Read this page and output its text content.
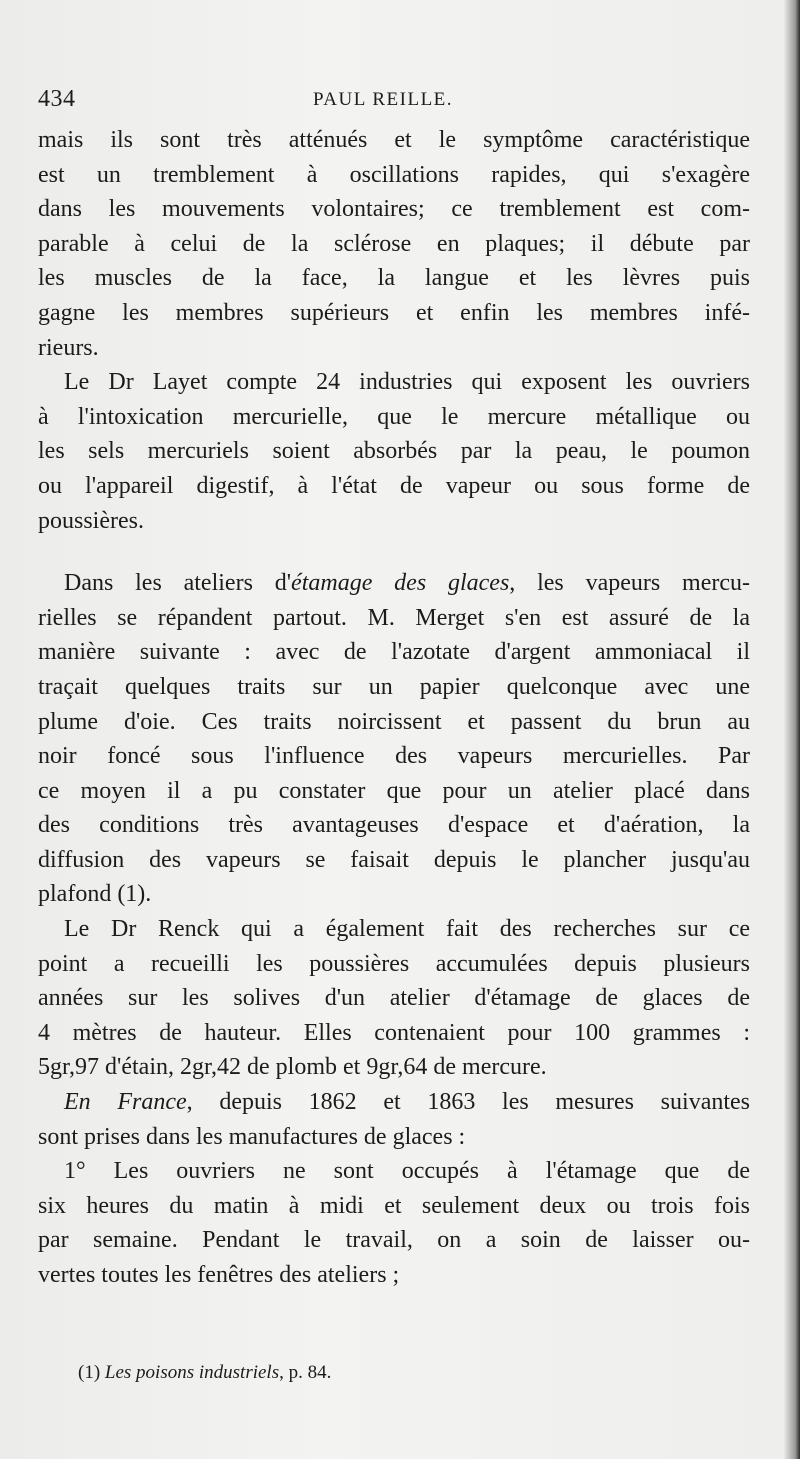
434	PAUL REILLE.
mais ils sont très atténués et le symptôme caractéristique
est un tremblement à oscillations rapides, qui s'exagère
dans les mouvements volontaires; ce tremblement est com-
parable à celui de la sclérose en plaques; il débute par
les muscles de la face, la langue et les lèvres puis
gagne les membres supérieurs et enfin les membres infé-
rieurs.
Le Dr Layet compte 24 industries qui exposent les ouvriers
à l'intoxication mercurielle, que le mercure métallique ou
les sels mercuriels soient absorbés par la peau, le poumon
ou l'appareil digestif, à l'état de vapeur ou sous forme de
poussières.
Dans les ateliers d'étamage des glaces, les vapeurs mercu-
rielles se répandent partout. M. Merget s'en est assuré de la
manière suivante : avec de l'azotate d'argent ammoniacal il
traçait quelques traits sur un papier quelconque avec une
plume d'oie. Ces traits noircissent et passent du brun au
noir foncé sous l'influence des vapeurs mercurielles. Par
ce moyen il a pu constater que pour un atelier placé dans
des conditions très avantageuses d'espace et d'aération, la
diffusion des vapeurs se faisait depuis le plancher jusqu'au
plafond (1).
Le Dr Renck qui a également fait des recherches sur ce
point a recueilli les poussières accumulées depuis plusieurs
années sur les solives d'un atelier d'étamage de glaces de
4 mètres de hauteur. Elles contenaient pour 100 grammes :
5gr,97 d'étain, 2gr,42 de plomb et 9gr,64 de mercure.
En France, depuis 1862 et 1863 les mesures suivantes
sont prises dans les manufactures de glaces :
1° Les ouvriers ne sont occupés à l'étamage que de
six heures du matin à midi et seulement deux ou trois fois
par semaine. Pendant le travail, on a soin de laisser ou-
vertes toutes les fenêtres des ateliers ;
(1) Les poisons industriels, p. 84.
